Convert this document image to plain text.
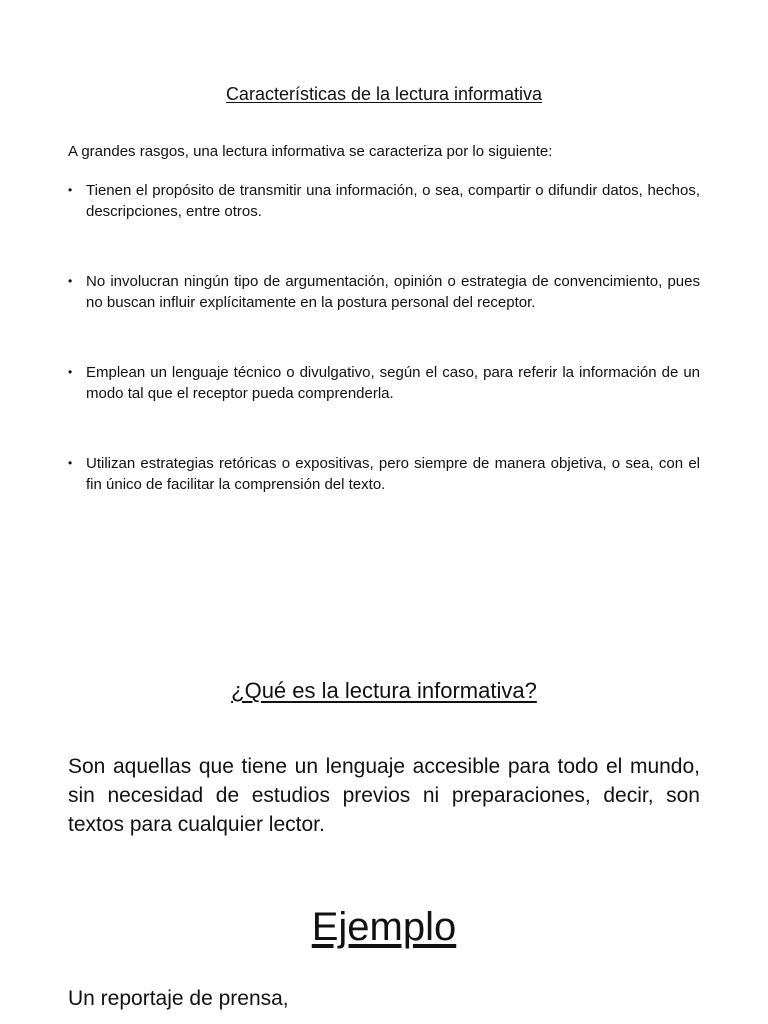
Características de la lectura informativa

A grandes rasgos, una lectura informativa se caracteriza por lo siguiente:

• Tienen el propósito de transmitir una información, o sea, compartir o difundir datos, hechos, descripciones, entre otros.
• No involucran ningún tipo de argumentación, opinión o estrategia de convencimiento, pues no buscan influir explícitamente en la postura personal del receptor.
• Emplean un lenguaje técnico o divulgativo, según el caso, para referir la información de un modo tal que el receptor pueda comprenderla.
• Utilizan estrategias retóricas o expositivas, pero siempre de manera objetiva, o sea, con el fin único de facilitar la comprensión del texto.
¿Qué es la lectura informativa?

Son aquellas que tiene un lenguaje accesible para todo el mundo, sin necesidad de estudios previos ni preparaciones, decir, son textos para cualquier lector.

Ejemplo

Un reportaje de prensa,
